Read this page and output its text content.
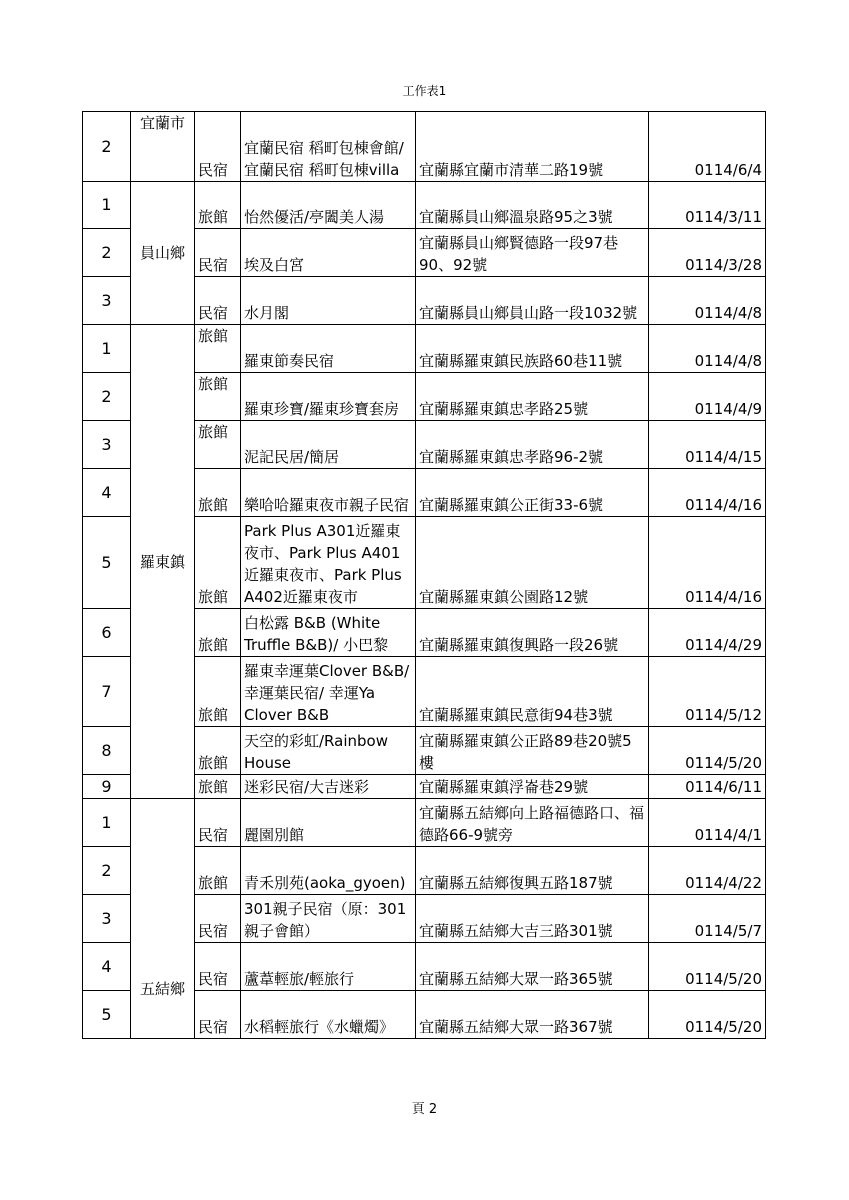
工作表1
2	宜蘭市	民宿	宜蘭民宿 稻町包棟會館/ 宜蘭民宿 稻町包棟villa	宜蘭縣宜蘭市清華二路19號	0114/6/4
1	員山鄉	旅館	怡然優活/亭闔美人湯	宜蘭縣員山鄉溫泉路95之3號	0114/3/11
2		民宿	埃及白宮	宜蘭縣員山鄉賢德路一段97巷90、92號	0114/3/28
3		民宿	水月閣	宜蘭縣員山鄉員山路一段1032號	0114/4/8
1	羅東鎮	旅館	羅東節奏民宿	宜蘭縣羅東鎮民族路60巷11號	0114/4/8
2		旅館	羅東珍寶/羅東珍寶套房	宜蘭縣羅東鎮忠孝路25號	0114/4/9
3		旅館	泥記民居/簡居	宜蘭縣羅東鎮忠孝路96-2號	0114/4/15
4		旅館	樂哈哈羅東夜市親子民宿	宜蘭縣羅東鎮公正街33-6號	0114/4/16
5		旅館	Park Plus A301近羅東夜市、Park Plus A401近羅東夜市、Park Plus A402近羅東夜市	宜蘭縣羅東鎮公園路12號	0114/4/16
6		旅館	白松露 B&B (White Truffle B&B)/ 小巴黎	宜蘭縣羅東鎮復興路一段26號	0114/4/29
7		旅館	羅東幸運葉Clover B&B/ 幸運葉民宿/ 幸運Ya Clover B&B	宜蘭縣羅東鎮民意街94巷3號	0114/5/12
8		旅館	天空的彩虹/Rainbow House	宜蘭縣羅東鎮公正路89巷20號5樓	0114/5/20
9		旅館	迷彩民宿/大吉迷彩	宜蘭縣羅東鎮浮崙巷29號	0114/6/11
1	五結鄉	民宿	麗園別館	宜蘭縣五結鄉向上路福德路口、福德路66-9號旁	0114/4/1
2		旅館	青禾別苑(aoka_gyoen)	宜蘭縣五結鄉復興五路187號	0114/4/22
3		民宿	301親子民宿（原：301親子會館）	宜蘭縣五結鄉大吉三路301號	0114/5/7
4		民宿	蘆葦輕旅/輕旅行	宜蘭縣五結鄉大眾一路365號	0114/5/20
5		民宿	水稻輕旅行《水蠟燭》	宜蘭縣五結鄉大眾一路367號	0114/5/20
頁 2
